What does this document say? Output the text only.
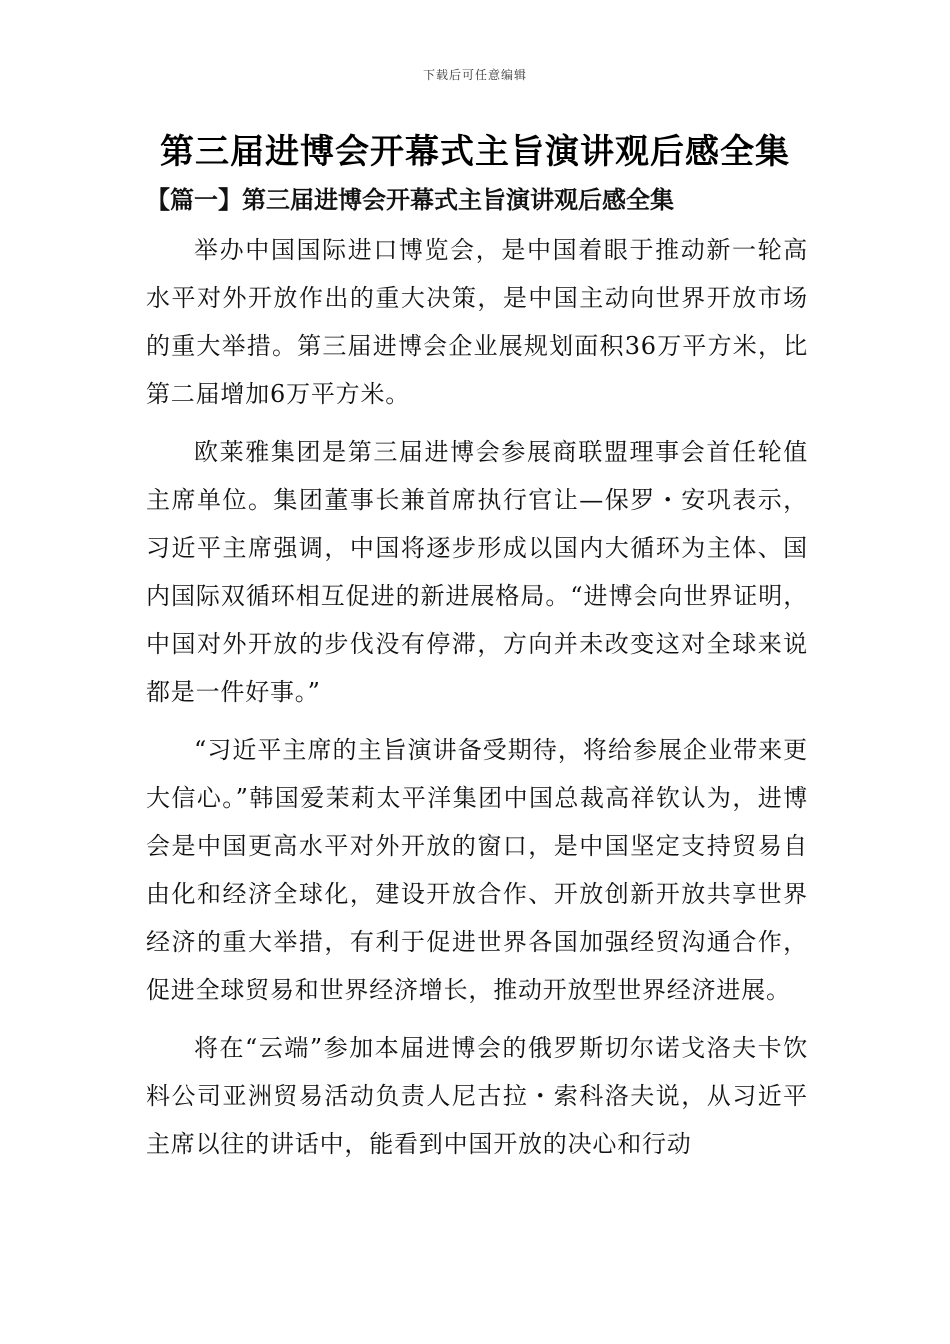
下载后可任意编辑
第三届进博会开幕式主旨演讲观后感全集
【篇一】第三届进博会开幕式主旨演讲观后感全集

举办中国国际进口博览会，是中国着眼于推动新一轮高水平对外开放作出的重大决策，是中国主动向世界开放市场的重大举措。第三届进博会企业展规划面积36万平方米，比第二届增加6万平方米。

欧莱雅集团是第三届进博会参展商联盟理事会首任轮值主席单位。集团董事长兼首席执行官让—保罗・安巩表示，习近平主席强调，中国将逐步形成以国内大循环为主体、国内国际双循环相互促进的新进展格局。“进博会向世界证明，中国对外开放的步伐没有停滞，方向并未改变这对全球来说都是一件好事。”

“习近平主席的主旨演讲备受期待，将给参展企业带来更大信心。”韩国爱茉莉太平洋集团中国总裁高祥钦认为，进博会是中国更高水平对外开放的窗口，是中国坚定支持贸易自由化和经济全球化，建设开放合作、开放创新开放共享世界经济的重大举措，有利于促进世界各国加强经贸沟通合作，促进全球贸易和世界经济增长，推动开放型世界经济进展。

将在“云端”参加本届进博会的俄罗斯切尔诺戈洛夫卡饮料公司亚洲贸易活动负责人尼古拉・索科洛夫说，从习近平主席以往的讲话中，能看到中国开放的决心和行动
